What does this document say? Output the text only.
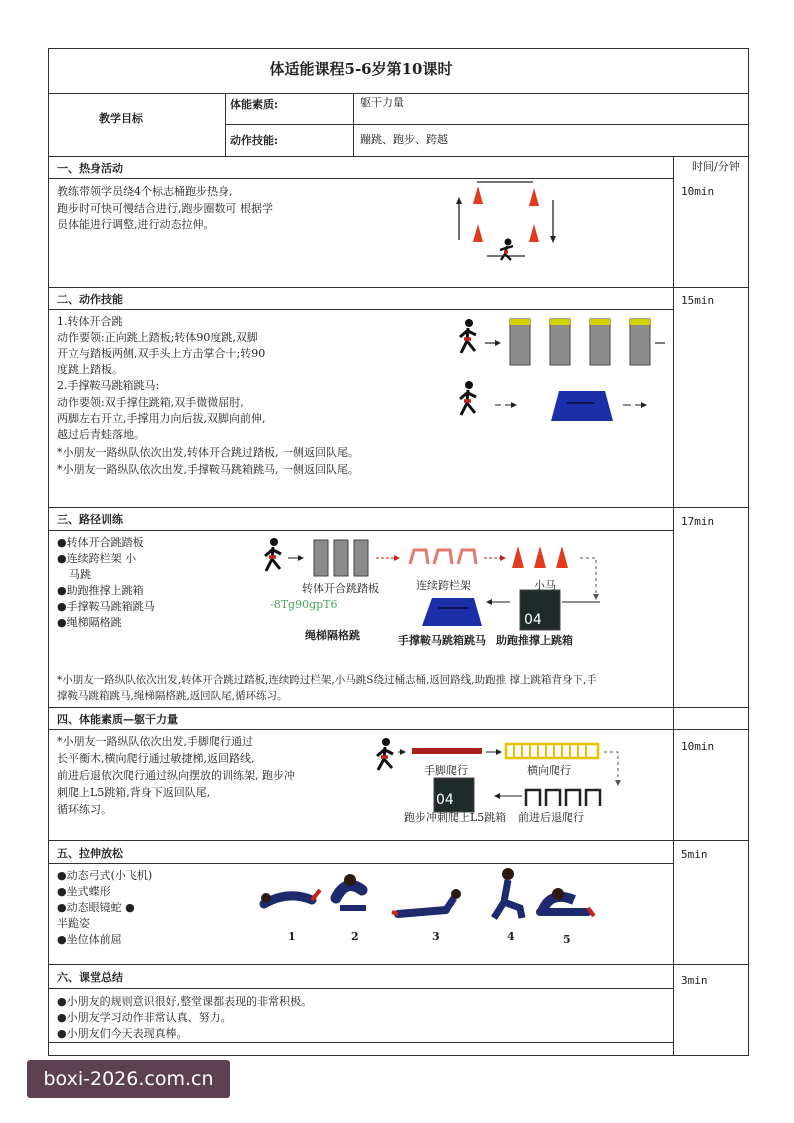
体适能课程5-6岁第10课时
教学目标
体能素质:	躯干力量
动作技能:	蹦跳、跑步、跨越
时间/分钟
一、热身活动
10min
教练带领学员绕4个标志桶跑步热身,
跑步时可快可慢结合进行,跑步圈数可 根据学
员体能进行调整,进行动态拉伸。
二、动作技能	15min
1.转体开合跳
动作要领:正向跳上踏板;转体90度跳,双脚
开立与踏板两侧,双手头上方击掌合十;转90
度跳上踏板。
2.手撑鞍马跳箱跳马:
动作要领:双手撑住跳箱,双手微微屈肘,
两脚左右开立,手撑用力向后拔,双脚向前伸,
越过后青蛙落地。
*小朋友一路纵队依次出发,转体开合跳过踏板, 一侧返回队尾。
*小朋友一路纵队依次出发,手撑鞍马跳箱跳马, 一侧返回队尾。
三、路径训练	17min
●转体开合跳踏板
●连续跨栏架 小
马跳
●助跑推撑上跳箱
●手撑鞍马跳箱跳马
●绳梯隔格跳
转体开合跳踏板	连续跨栏架	小马
-8Tg90gpT6
04
绳梯隔格跳	手撑鞍马跳箱跳马 助跑推撑上跳箱
*小朋友一路纵队依次出发,转体开合跳过踏板,连续跨过栏架,小马跳S绕过桶志桶,返回路线,助跑推 撑上跳箱背身下,手
撑鞍马跳箱跳马,绳梯隔格跳,返回队尾,循环练习。
四、体能素质—躯干力量
10min
*小朋友一路纵队依次出发,手脚爬行通过
长平衡木,横向爬行通过敏捷梯,返回路线,
前进后退依次爬行通过纵向摆放的训练架, 跑步冲
刺爬上L5跳箱,背身下返回队尾,
循环练习。
手脚爬行	横向爬行
04
跑步冲刺爬上L5跳箱 前进后退爬行
五、拉伸放松	5min
●动态弓式(小飞机)
●坐式蝶形
●动态眼镜蛇 ●
半跪姿
●坐位体前屈	1	2	3	4	5
六、课堂总结	3min
●小朋友的规则意识很好,整堂课都表现的非常积极。
●小朋友学习动作非常认真、努力。
●小朋友们今天表现真棒。
boxi-2026.com.cn
